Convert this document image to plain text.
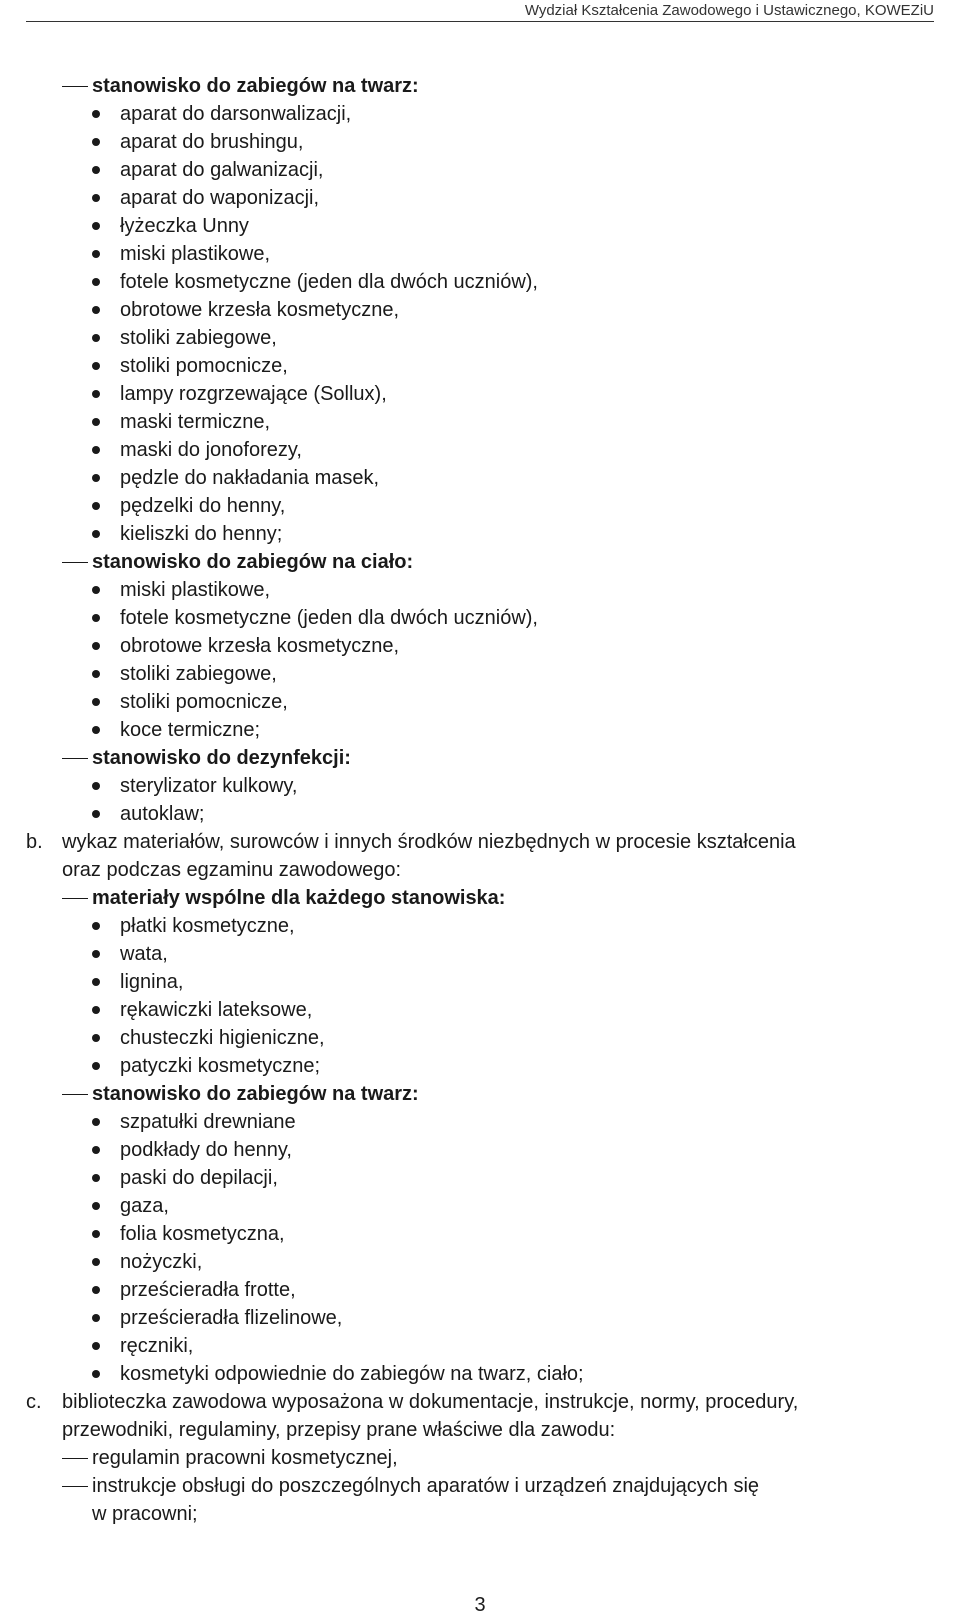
Wydział Kształcenia Zawodowego i Ustawicznego, KOWEZiU
stanowisko do zabiegów na twarz:
aparat do darsonwalizacji,
aparat do brushingu,
aparat do galwanizacji,
aparat do waponizacji,
łyżeczka Unny
miski plastikowe,
fotele kosmetyczne (jeden dla dwóch uczniów),
obrotowe krzesła kosmetyczne,
stoliki zabiegowe,
stoliki pomocnicze,
lampy rozgrzewające (Sollux),
maski termiczne,
maski do jonoforezy,
pędzle do nakładania masek,
pędzelki do henny,
kieliszki do henny;
stanowisko do zabiegów na ciało:
miski plastikowe,
fotele kosmetyczne (jeden dla dwóch uczniów),
obrotowe krzesła kosmetyczne,
stoliki zabiegowe,
stoliki pomocnicze,
koce termiczne;
stanowisko do dezynfekcji:
sterylizator kulkowy,
autoklaw;
b. wykaz materiałów, surowców i innych środków niezbędnych w procesie kształcenia
oraz podczas egzaminu zawodowego:
materiały wspólne dla każdego stanowiska:
płatki kosmetyczne,
wata,
lignina,
rękawiczki lateksowe,
chusteczki higieniczne,
patyczki kosmetyczne;
stanowisko do zabiegów na twarz:
szpatułki drewniane
podkłady do henny,
paski do depilacji,
gaza,
folia kosmetyczna,
nożyczki,
prześcieradła frotte,
prześcieradła flizelinowe,
ręczniki,
kosmetyki odpowiednie do zabiegów na twarz, ciało;
c. biblioteczka zawodowa wyposażona w dokumentacje, instrukcje, normy, procedury,
przewodniki, regulaminy, przepisy prane właściwe dla zawodu:
regulamin pracowni kosmetycznej,
instrukcje obsługi do poszczególnych aparatów i urządzeń znajdujących się
w pracowni;
3
